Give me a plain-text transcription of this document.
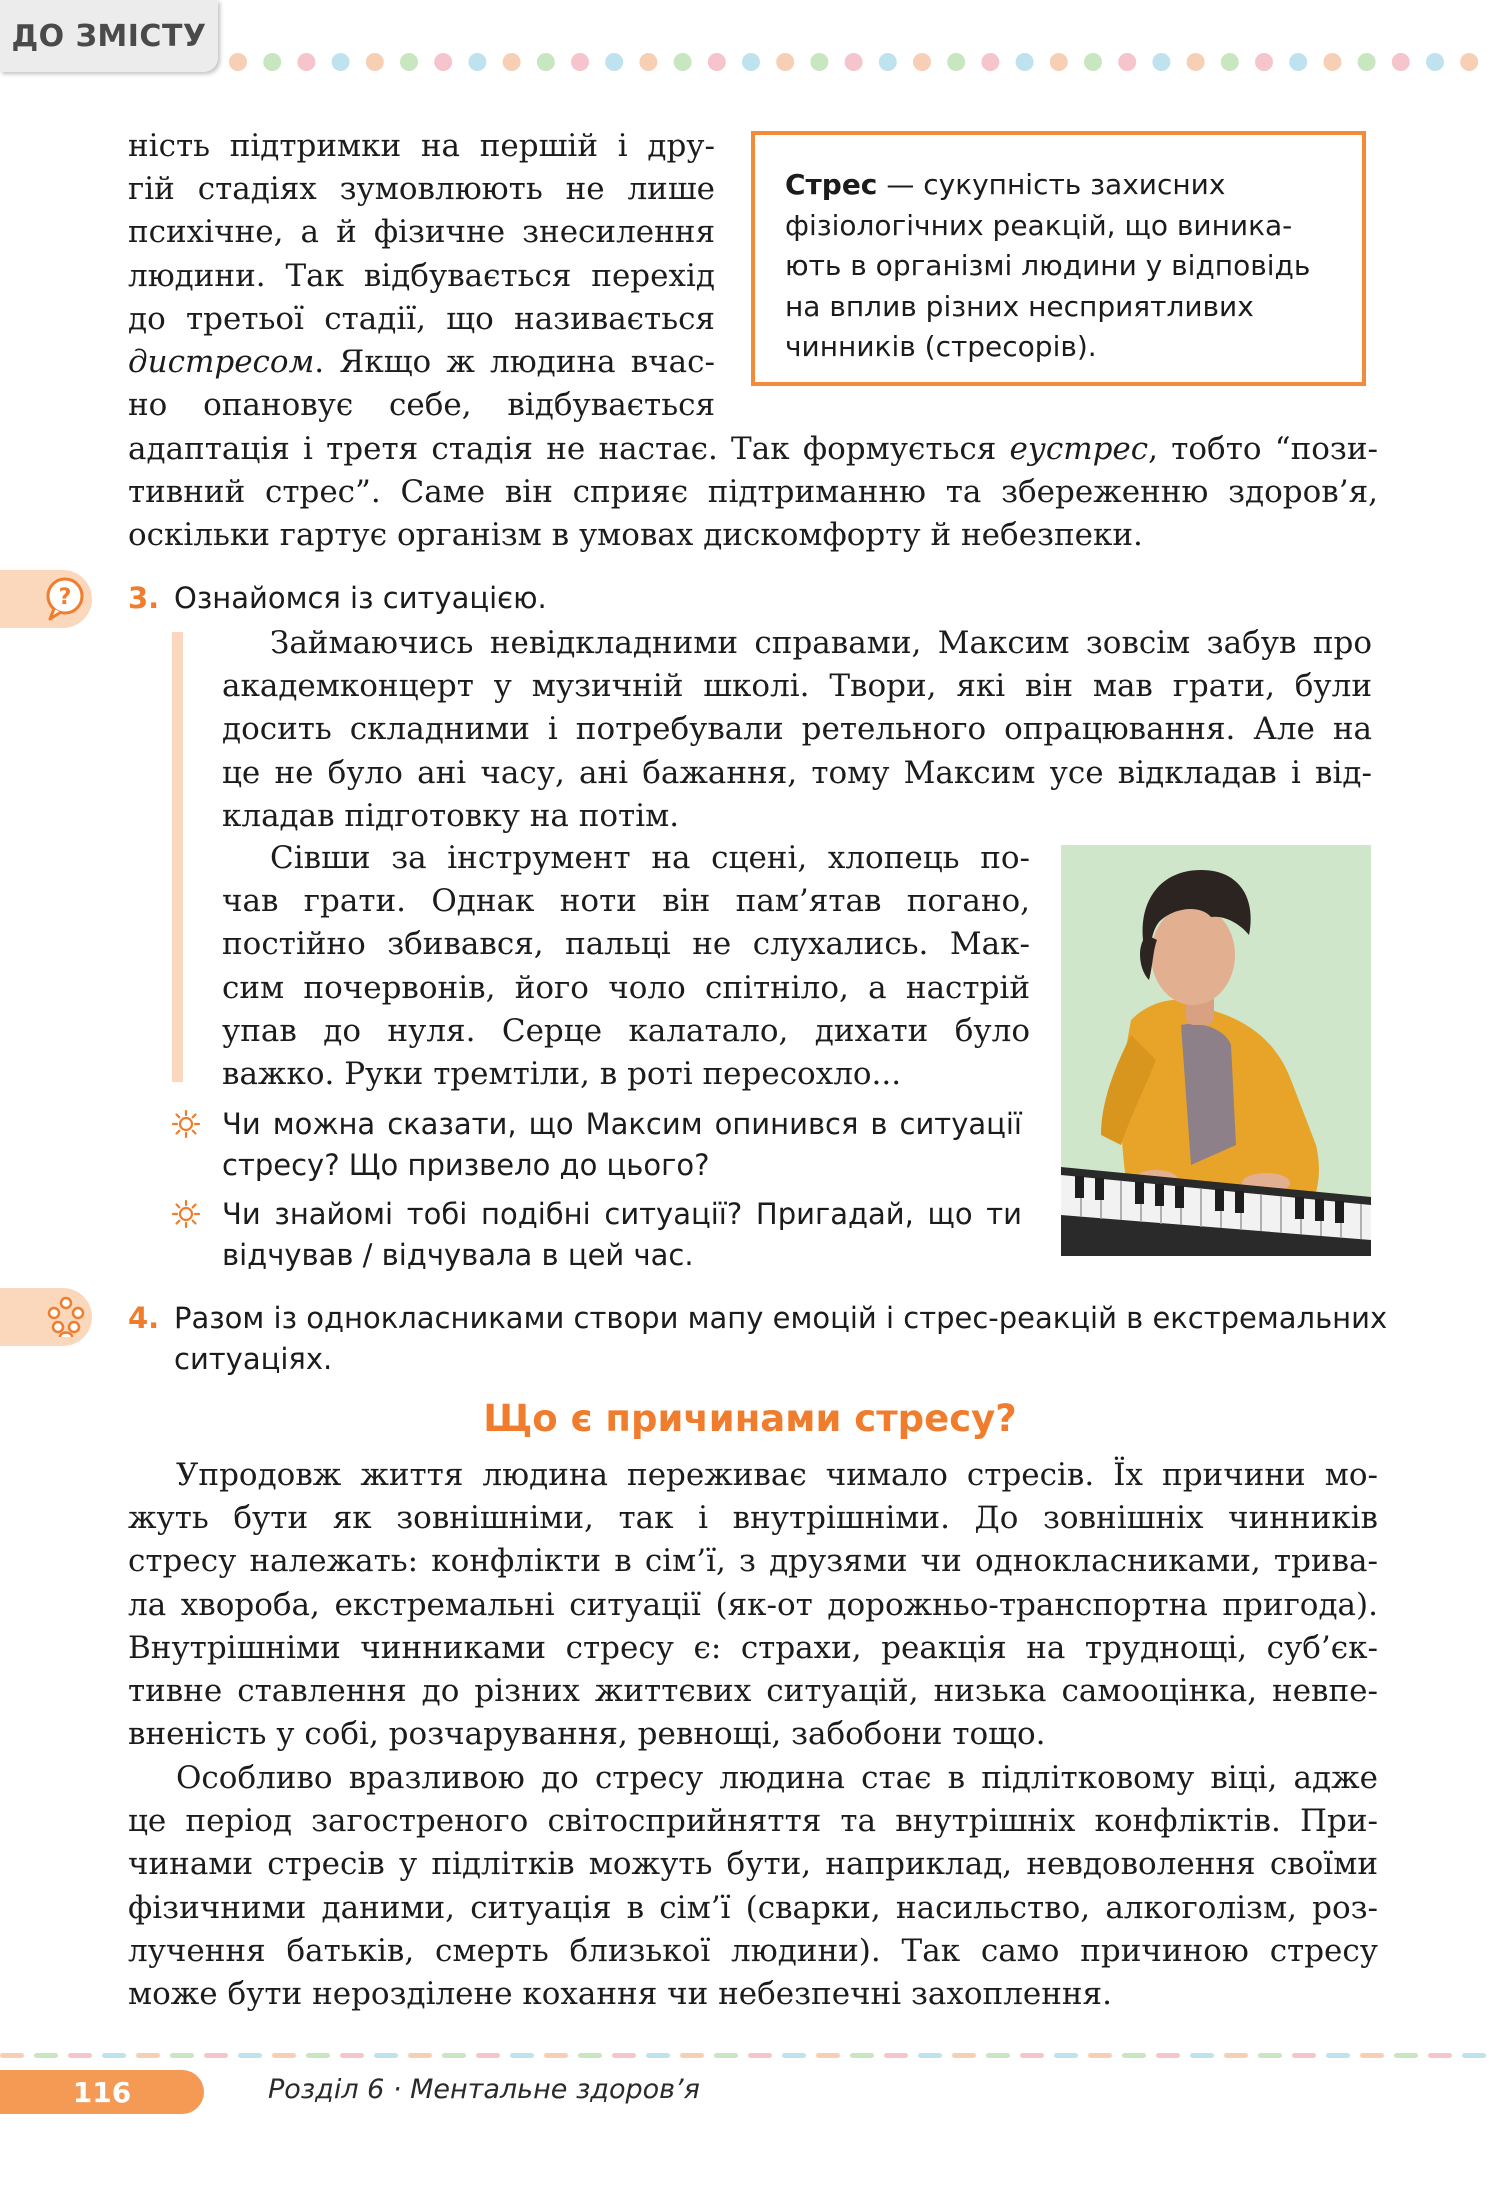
ДО ЗМІСТУ
ність підтримки на першій і дру-
гій стадіях зумовлюють не лише
психічне, а й фізичне знесилення
людини. Так відбувається перехід
до третьої стадії, що називається
дистресом. Якщо ж людина вчас-
но опановує себе, відбувається
адаптація і третя стадія не настає. Так формується еустрес, тобто “пози-
тивний стрес”. Саме він сприяє підтриманню та збереженню здоров’я,
оскільки гартує організм в умовах дискомфорту й небезпеки.
Стрес — сукупність захисних
фізіологічних реакцій, що виника-
ють в організмі людини у відповідь
на вплив різних несприятливих
чинників (стресорів).
? 3. Ознайомся із ситуацією.
Займаючись невідкладними справами, Максим зовсім забув про
академконцерт у музичній школі. Твори, які він мав грати, були
досить складними і потребували ретельного опрацювання. Але на
це не було ані часу, ані бажання, тому Максим усе відкладав і від-
кладав підготовку на потім.
Сівши за інструмент на сцені, хлопець по-
чав грати. Однак ноти він пам’ятав погано,
постійно збивався, пальці не слухались. Мак-
сим почервонів, його чоло спітніло, а настрій
упав до нуля. Серце калатало, дихати було
важко. Руки тремтіли, в роті пересохло...
Чи можна сказати, що Максим опинився в ситуації
стресу? Що призвело до цього?
Чи знайомі тобі подібні ситуації? Пригадай, що ти
відчував / відчувала в цей час.
4. Разом із однокласниками створи мапу емоцій і стрес-реакцій в екстремальних
ситуаціях.
Що є причинами стресу?
Упродовж життя людина переживає чимало стресів. Їх причини мо-
жуть бути як зовнішніми, так і внутрішніми. До зовнішніх чинників
стресу належать: конфлікти в сім’ї, з друзями чи однокласниками, трива-
ла хвороба, екстремальні ситуації (як-от дорожньо-транспортна пригода).
Внутрішніми чинниками стресу є: страхи, реакція на труднощі, суб’єк-
тивне ставлення до різних життєвих ситуацій, низька самооцінка, невпе-
вненість у собі, розчарування, ревнощі, забобони тощо.
Особливо вразливою до стресу людина стає в підлітковому віці, адже
це період загостреного світосприйняття та внутрішніх конфліктів. При-
чинами стресів у підлітків можуть бути, наприклад, невдоволення своїми
фізичними даними, ситуація в сім’ї (сварки, насильство, алкоголізм, роз-
лучення батьків, смерть близької людини). Так само причиною стресу
може бути нерозділене кохання чи небезпечні захоплення.
116	Розділ 6 · Ментальне здоров’я
